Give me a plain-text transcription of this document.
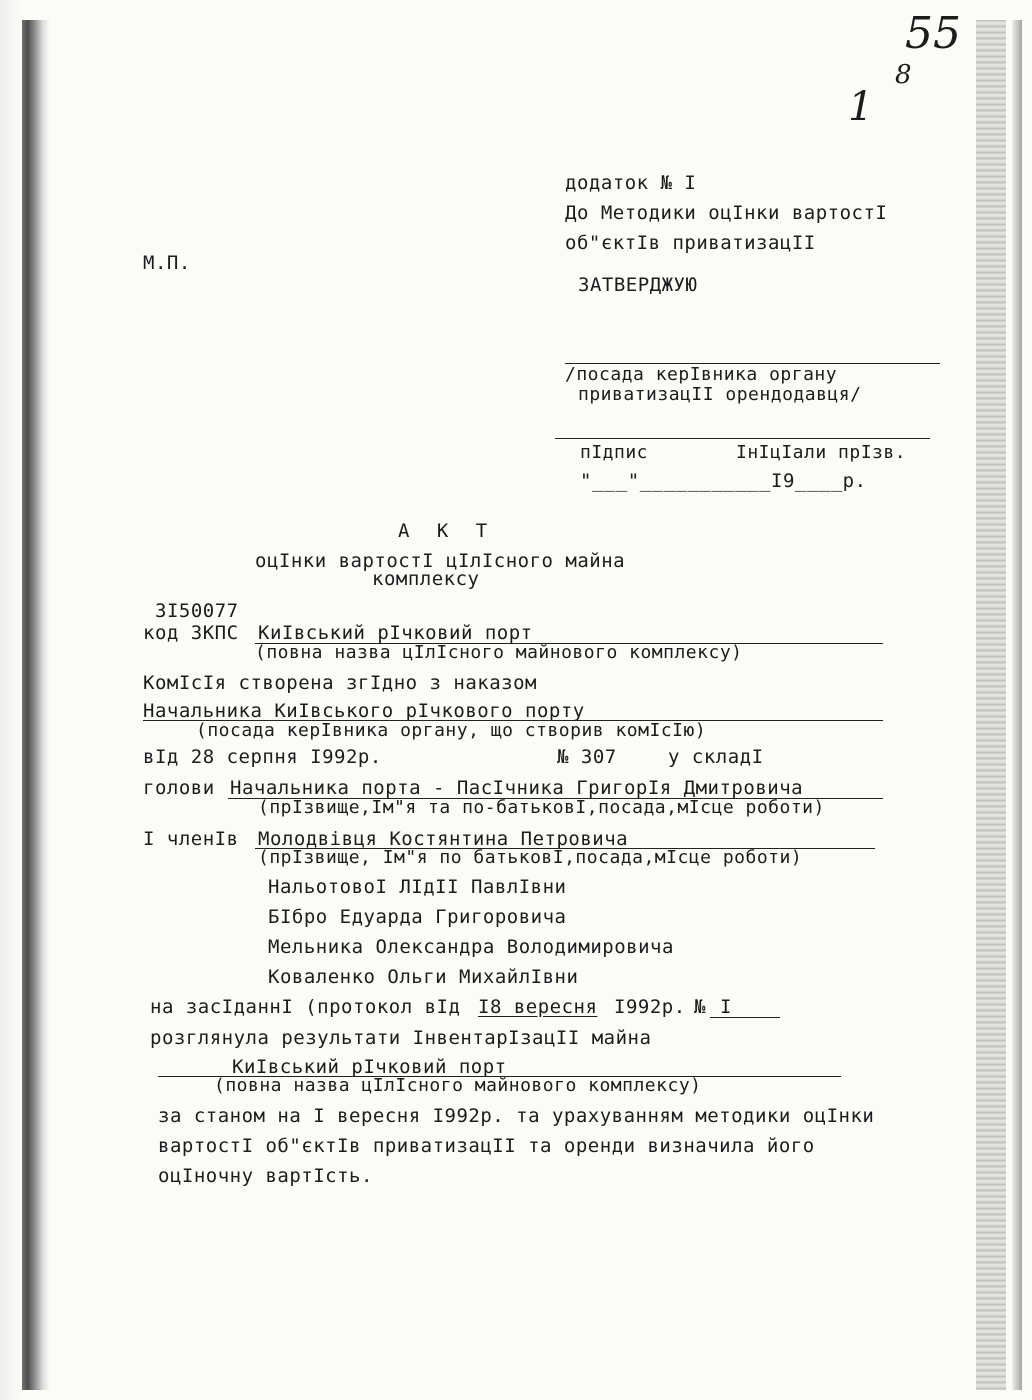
55
8
1
додаток № I
До Методики оцIнки вартостI
об"єктIв приватизацII
М.П.
ЗАТВЕРДЖУЮ
/посада керIвника органу
приватизацII орендодавця/
пIдпис	IнIцIали прIзв.
"___"___________I9____р.
А К Т
оцIнки вартостI цIлIсного майна
комплексу
3I50077
код ЗКПС КиIвський рIчковий порт
(повна назва цIлIсного майнового комплексу)
КомIсIя створена згIдно з наказом
Начальника КиIвського рIчкового порту
(посада керIвника органу, що створив комIсIю)
вIд 28 серпня I992р.	№ 307	у складI
голови Начальника порта - ПасIчника ГригорIя Дмитровича
(прIзвище,Iм"я та по-батьковI,посада,мIсце роботи)
I членIв Молодвiвця Костянтина Петровича
(прIзвище, Iм"я по батьковI,посада,мIсце роботи)
НальотовоI ЛIдII ПавлIвни
БIбро Едуарда Григоровича
Мельника Олександра Володимировича
Коваленко Ольги МихайлIвни
на засIданнI (протокол вIд I8 вересня I992р. № I
розглянула результати IнвентарIзацII майна
КиIвський рIчковий порт
(повна назва цIлIсного майнового комплексу)
за станом на I вересня I992р. та урахуванням методики оцIнки
вартостI об"єктIв приватизацII та оренди визначила його
оцIночну вартIсть.
